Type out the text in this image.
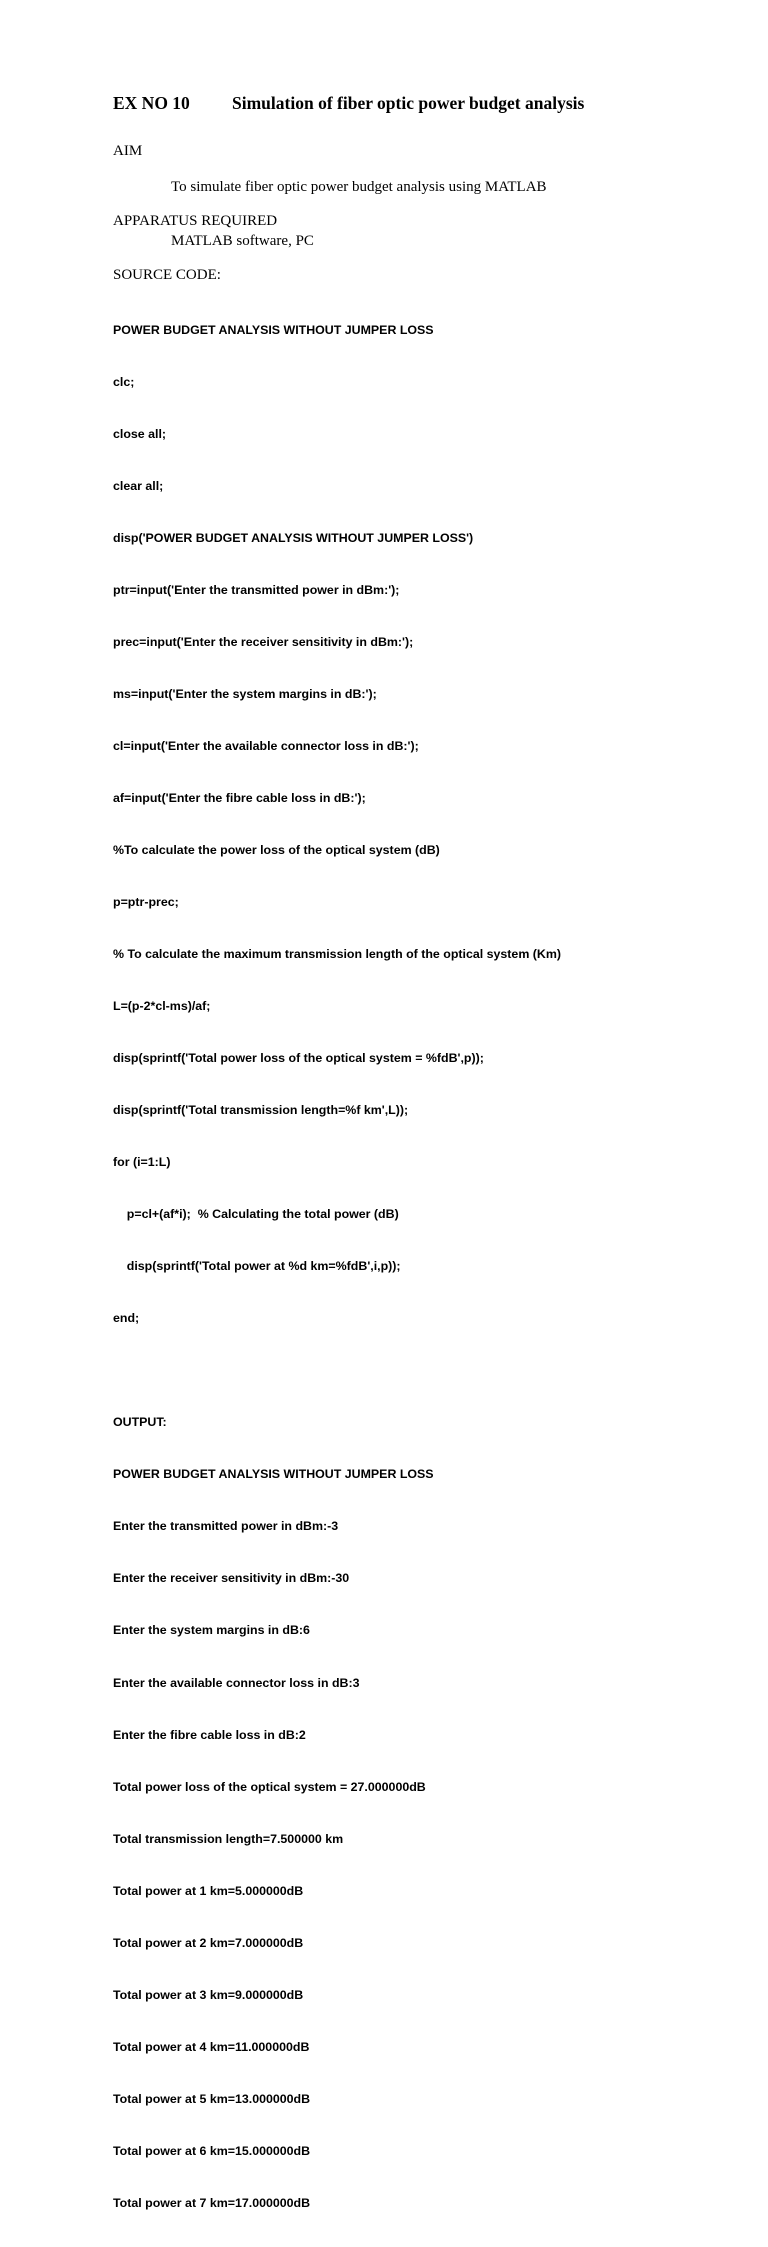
EX NO 10 Simulation of fiber optic power budget analysis
AIM
To simulate fiber optic power budget analysis using MATLAB
APPARATUS REQUIRED
MATLAB software, PC
SOURCE CODE:

POWER BUDGET ANALYSIS WITHOUT JUMPER LOSS

clc;

close all;

clear all;

disp('POWER BUDGET ANALYSIS WITHOUT JUMPER LOSS')

ptr=input('Enter the transmitted power in dBm:');

prec=input('Enter the receiver sensitivity in dBm:');

ms=input('Enter the system margins in dB:');

cl=input('Enter the available connector loss in dB:');

af=input('Enter the fibre cable loss in dB:');

%To calculate the power loss of the optical system (dB)

p=ptr-prec;

% To calculate the maximum transmission length of the optical system (Km)

L=(p-2*cl-ms)/af;

disp(sprintf('Total power loss of the optical system = %fdB',p));

disp(sprintf('Total transmission length=%f km',L));

for (i=1:L)

p=cl+(af*i);  % Calculating the total power (dB)

disp(sprintf('Total power at %d km=%fdB',i,p));

end;

OUTPUT:

POWER BUDGET ANALYSIS WITHOUT JUMPER LOSS

Enter the transmitted power in dBm:-3

Enter the receiver sensitivity in dBm:-30

Enter the system margins in dB:6

Enter the available connector loss in dB:3

Enter the fibre cable loss in dB:2

Total power loss of the optical system = 27.000000dB

Total transmission length=7.500000 km

Total power at 1 km=5.000000dB

Total power at 2 km=7.000000dB

Total power at 3 km=9.000000dB

Total power at 4 km=11.000000dB

Total power at 5 km=13.000000dB

Total power at 6 km=15.000000dB

Total power at 7 km=17.000000dB
